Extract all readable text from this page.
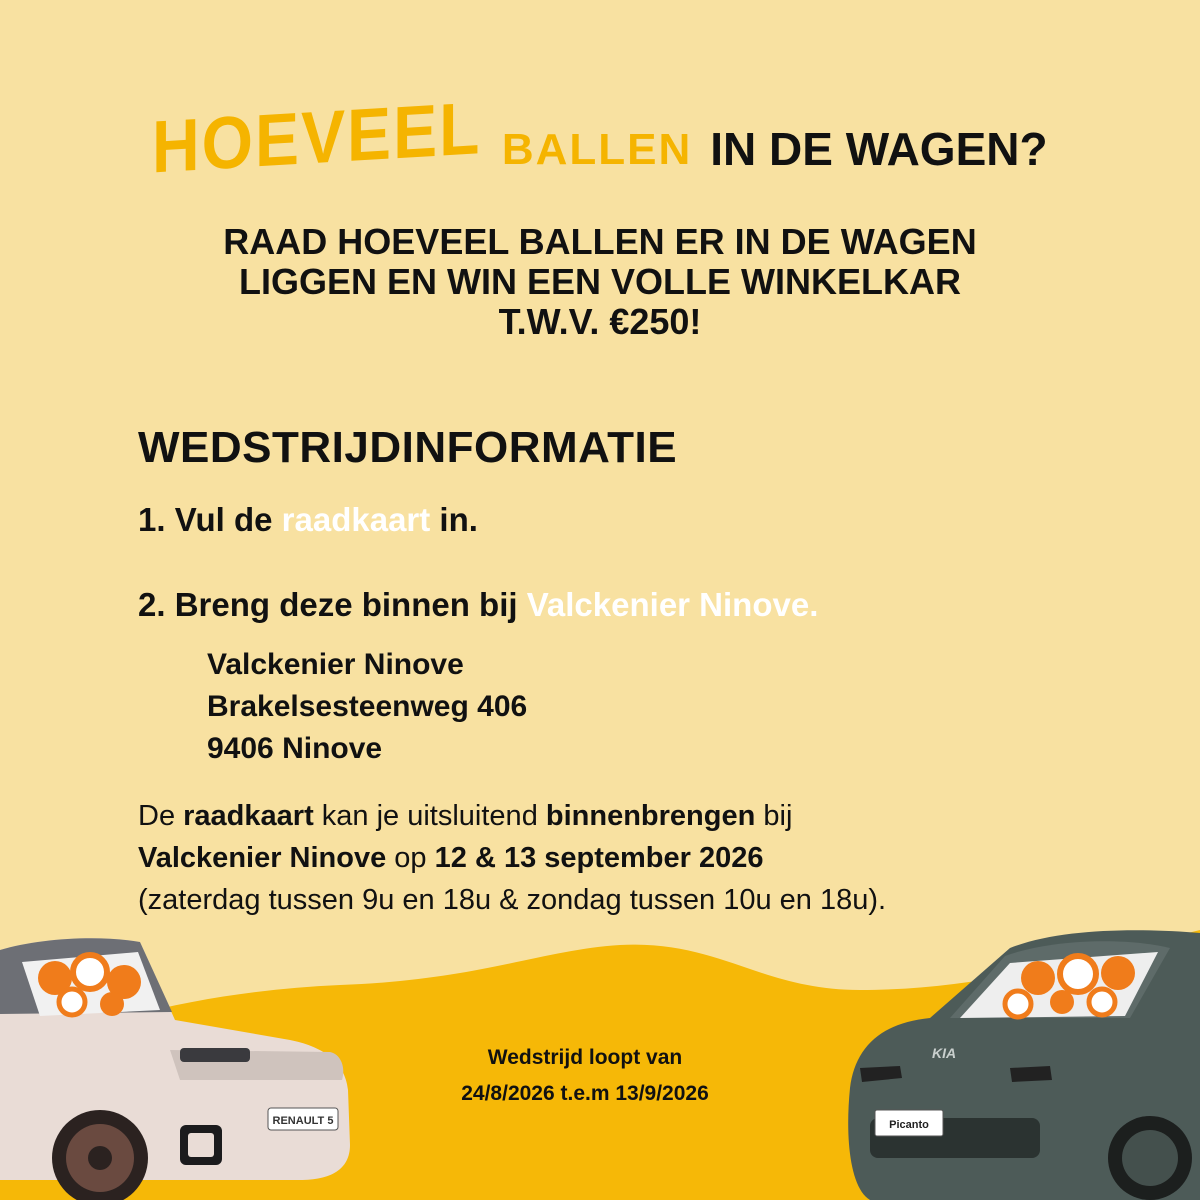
HOEVEEL BALLEN IN DE WAGEN?
RAAD HOEVEEL BALLEN ER IN DE WAGEN
LIGGEN EN WIN EEN VOLLE WINKELKAR
T.W.V. €250!
WEDSTRIJDINFORMATIE
1. Vul de raadkaart in.
2. Breng deze binnen bij Valckenier Ninove.
Valckenier Ninove
Brakelsesteenweg 406
9406 Ninove
De raadkaart kan je uitsluitend binnenbrengen bij
Valckenier Ninove op 12 & 13 september 2026
(zaterdag tussen 9u en 18u & zondag tussen 10u en 18u).
Wedstrijd loopt van
24/8/2026 t.e.m 13/9/2026
RENAULT 5
KIA
Picanto
